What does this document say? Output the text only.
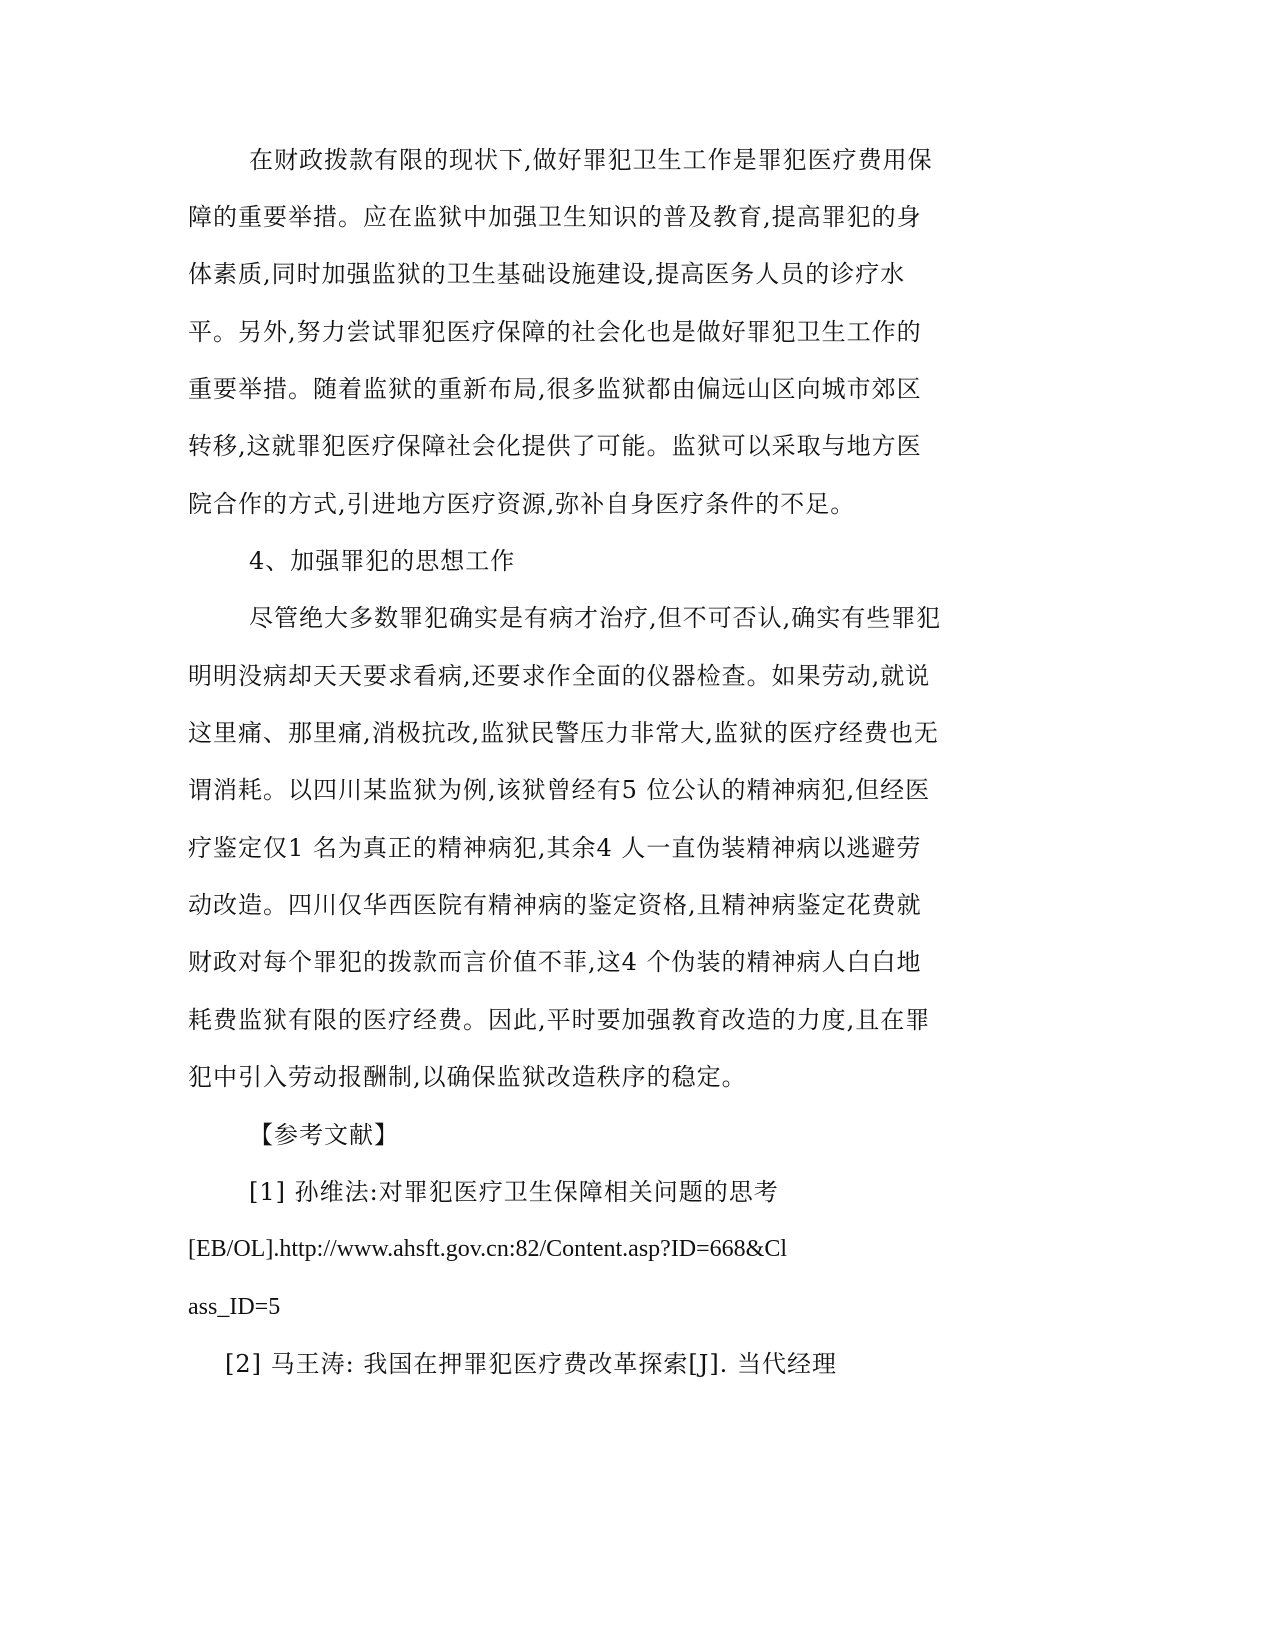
在财政拨款有限的现状下,做好罪犯卫生工作是罪犯医疗费用保
障的重要举措。应在监狱中加强卫生知识的普及教育,提高罪犯的身
体素质,同时加强监狱的卫生基础设施建设,提高医务人员的诊疗水
平。另外,努力尝试罪犯医疗保障的社会化也是做好罪犯卫生工作的
重要举措。随着监狱的重新布局,很多监狱都由偏远山区向城市郊区
转移,这就罪犯医疗保障社会化提供了可能。监狱可以采取与地方医
院合作的方式,引进地方医疗资源,弥补自身医疗条件的不足。
4、加强罪犯的思想工作
尽管绝大多数罪犯确实是有病才治疗,但不可否认,确实有些罪犯
明明没病却天天要求看病,还要求作全面的仪器检查。如果劳动,就说
这里痛、那里痛,消极抗改,监狱民警压力非常大,监狱的医疗经费也无
谓消耗。以四川某监狱为例,该狱曾经有5 位公认的精神病犯,但经医
疗鉴定仅1 名为真正的精神病犯,其余4 人一直伪装精神病以逃避劳
动改造。四川仅华西医院有精神病的鉴定资格,且精神病鉴定花费就
财政对每个罪犯的拨款而言价值不菲,这4 个伪装的精神病人白白地
耗费监狱有限的医疗经费。因此,平时要加强教育改造的力度,且在罪
犯中引入劳动报酬制,以确保监狱改造秩序的稳定。
【参考文献】
[1] 孙维法:对罪犯医疗卫生保障相关问题的思考
[EB/OL].http://www.ahsft.gov.cn:82/Content.asp?ID=668&Cl
ass_ID=5
[2] 马王涛: 我国在押罪犯医疗费改革探索[J]. 当代经理
